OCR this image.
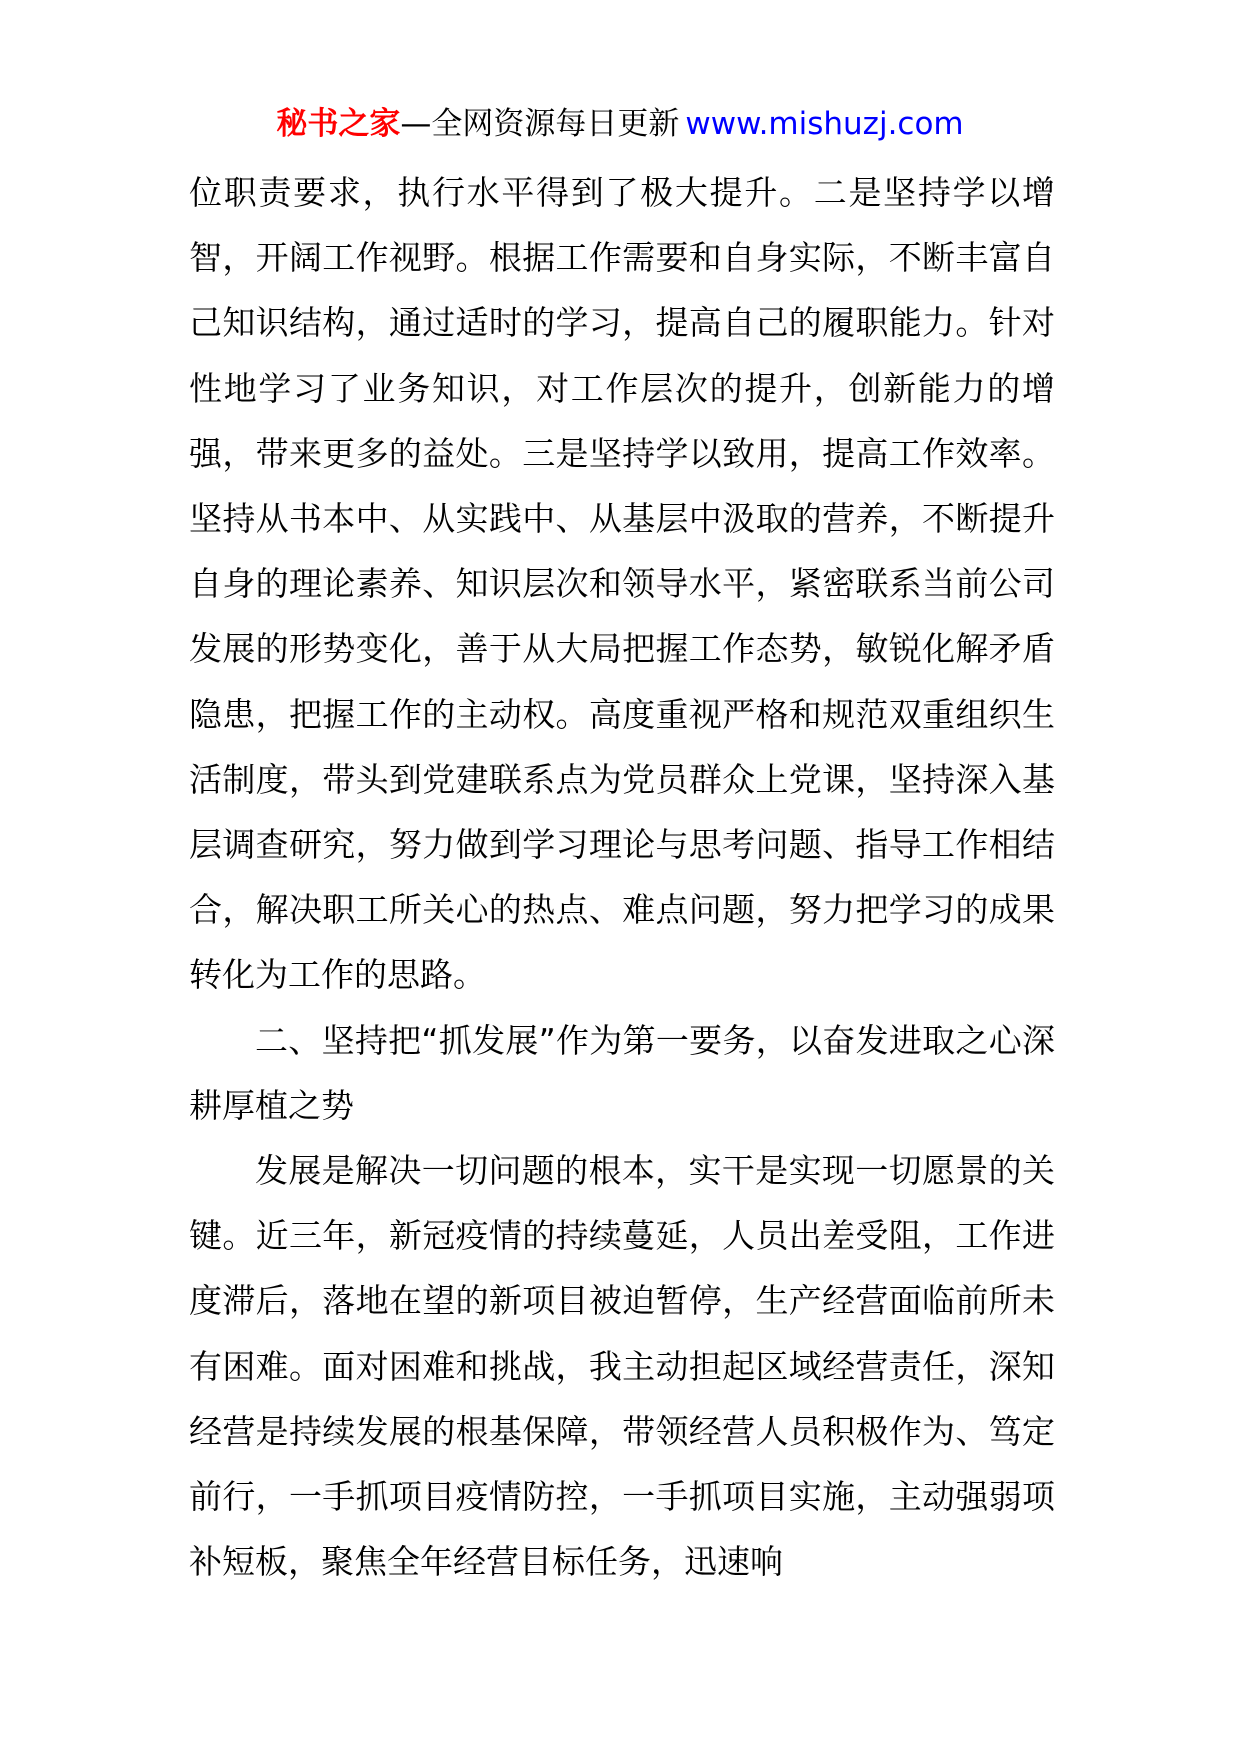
秘书之家—全网资源每日更新 www.mishuzj.com

位职责要求，执行水平得到了极大提升。二是坚持学以增智，开阔工作视野。根据工作需要和自身实际，不断丰富自己知识结构，通过适时的学习，提高自己的履职能力。针对性地学习了业务知识，对工作层次的提升，创新能力的增强，带来更多的益处。三是坚持学以致用，提高工作效率。坚持从书本中、从实践中、从基层中汲取的营养，不断提升自身的理论素养、知识层次和领导水平，紧密联系当前公司发展的形势变化，善于从大局把握工作态势，敏锐化解矛盾隐患，把握工作的主动权。高度重视严格和规范双重组织生活制度，带头到党建联系点为党员群众上党课，坚持深入基层调查研究，努力做到学习理论与思考问题、指导工作相结合，解决职工所关心的热点、难点问题，努力把学习的成果转化为工作的思路。

二、坚持把“抓发展”作为第一要务，以奋发进取之心深耕厚植之势

发展是解决一切问题的根本，实干是实现一切愿景的关键。近三年，新冠疫情的持续蔓延，人员出差受阻，工作进度滞后，落地在望的新项目被迫暂停，生产经营面临前所未有困难。面对困难和挑战，我主动担起区域经营责任，深知经营是持续发展的根基保障，带领经营人员积极作为、笃定前行，一手抓项目疫情防控，一手抓项目实施，主动强弱项补短板，聚焦全年经营目标任务，迅速响
